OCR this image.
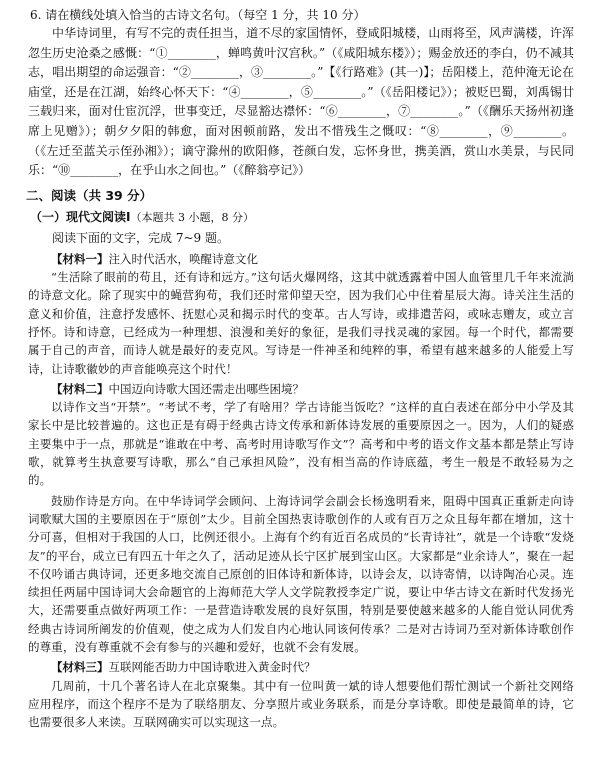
6. 请在横线处填入恰当的古诗文名句。（每空 1 分，共 10 分）

中华诗词里，有写不完的责任担当，道不尽的家国情怀，登咸阳城楼，山雨将至，风声满楼，许浑忽生历史沧桑之感慨：“①________，蝉鸣黄叶汉宫秋。”（《咸阳城东楼》）；赐金放还的李白，仍不减其志，唱出期望的命运强音：“②________，③________。”【《行路难》(其一)】；岳阳楼上，范仲淹无论在庙堂，还是在江湖，始终心怀天下：“④________，⑤________。”（《岳阳楼记》）；被贬巴蜀，刘禹锡廿三载归来，面对仕宦沉浮，世事变迁，尽显豁达襟怀：“⑥________，⑦________。”（《酬乐天扬州初逢席上见赠》）；朝夕夕阳的韩愈，面对困顿前路，发出不惜残生之慨叹：“⑧________，⑨________。（《左迁至蓝关示侄孙湘》）；谪守滁州的欧阳修，苍颜白发，忘怀身世，携美酒，赏山水美景，与民同乐：“⑩________，在乎山水之间也。”（《醉翁亭记》）

二、阅读（共 39 分）
（一）现代文阅读Ⅰ（本题共 3 小题，8 分）
阅读下面的文字，完成 7~9 题。
【材料一】注入时代活水，唤醒诗意文化

“生活除了眼前的苟且，还有诗和远方。”这句话火爆网络，这其中就透露着中国人血管里几千年来流淌的诗意文化。除了现实中的蝇营狗苟，我们还时常仰望天空，因为我们心中住着星辰大海。诗关注生活的意义和价值，注意抒发感怀、抚慰心灵和揭示时代的变革。古人写诗，或排遣苦闷，或咏志赠友，或立言抒怀。诗和诗意，已经成为一种理想、浪漫和美好的象征，是我们寻找灵魂的家园。每一个时代，都需要属于自己的声音，而诗人就是最好的麦克风。写诗是一件神圣和纯粹的事，希望有越来越多的人能爱上写诗，让诗歌徽妙的声音能唤亮这个时代！

【材料二】中国迈向诗歌大国还需走出哪些困境？

以诗作文当“开禁”。“考试不考，学了有啥用？学古诗能当饭吃？”这样的直白表述在部分中小学及其家长中是比较普遍的。这也正是有碍于经典古诗文传承和新体诗发展的重要原因之一。因为，人们的疑惑主要集中于一点，那就是“谁敢在中考、高考时用诗歌写作文”？高考和中考的语文作文基本都是禁止写诗歌，就算考生执意要写诗歌，那么“自己承担风险”，没有相当高的作诗底蕴，考生一般是不敢轻易为之的。

鼓励作诗是方向。在中华诗词学会顾问、上海诗词学会副会长杨逸明看来，阻碍中国真正重新走向诗词歌赋大国的主要原因在于“原创”太少。目前全国热衷诗歌创作的人或有百万之众且每年都在增加，这十分可喜，但相对于我国的人口，比例还很小。上海有个约有近百名成员的“长青诗社”，就是一个诗歌“发烧友”的平台，成立已有四五十年之久了，活动足迹从长宁区扩展到宝山区。大家都是“业余诗人”，聚在一起不仅吟诵古典诗词，还更多地交流自己原创的旧体诗和新体诗，以诗会友，以诗寄情，以诗陶冶心灵。连续担任两届中国诗词大会命题官的上海师范大学人文学院教授李定广说，要让中华古诗文在新时代发扬光大，还需要重点做好两项工作：一是营造诗歌发展的良好氛围，特别是要使越来越多的人能自觉认同优秀经典古诗词所阐发的价值观，使之成为人们发自内心地认同该何传承？二是对古诗词乃至对新体诗歌创作的尊重，没有尊重就不会有参与的兴趣和爱好，也就不会有发展。

【材料三】互联网能否助力中国诗歌进入黄金时代？

几周前，十几个著名诗人在北京聚集。其中有一位叫黄一斌的诗人想要他们帮忙测试一个新社交网络应用程序，而这个程序不是为了联络朋友、分享照片或业务联系，而是分享诗歌。即使是最简单的诗，它也需要很多人来读。互联网确实可以实现这一点。
